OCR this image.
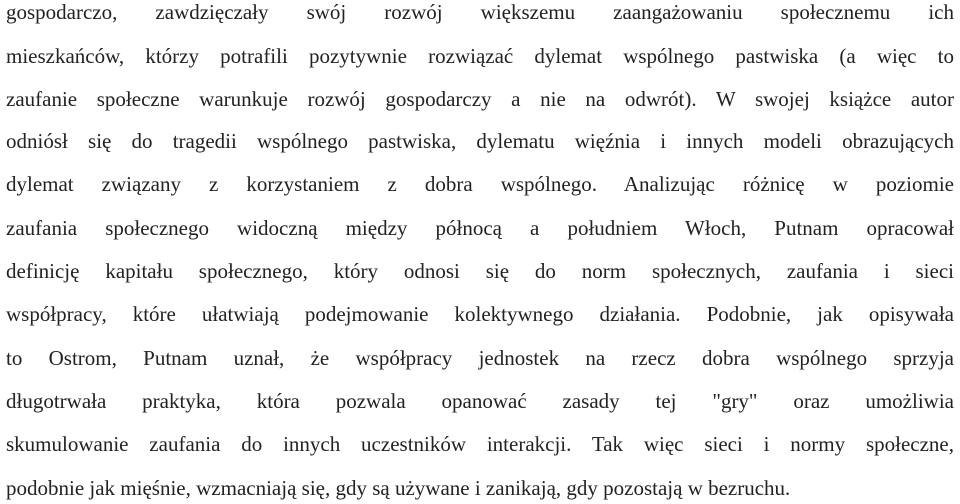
gospodarczo, zawdzięczały swój rozwój większemu zaangażowaniu społecznemu ich
mieszkańców, którzy potrafili pozytywnie rozwiązać dylemat wspólnego pastwiska (a więc to
zaufanie społeczne warunkuje rozwój gospodarczy a nie na odwrót). W swojej książce autor
odniósł się do tragedii wspólnego pastwiska, dylematu więźnia i innych modeli obrazujących
dylemat związany z korzystaniem z dobra wspólnego. Analizując różnicę w poziomie
zaufania społecznego widoczną między północą a południem Włoch, Putnam opracował
definicję kapitału społecznego, który odnosi się do norm społecznych, zaufania i sieci
współpracy, które ułatwiają podejmowanie kolektywnego działania. Podobnie, jak opisywała
to Ostrom, Putnam uznał, że współpracy jednostek na rzecz dobra wspólnego sprzyja
długotrwała praktyka, która pozwala opanować zasady tej "gry" oraz umożliwia
skumulowanie zaufania do innych uczestników interakcji. Tak więc sieci i normy społeczne,
podobnie jak mięśnie, wzmacniają się, gdy są używane i zanikają, gdy pozostają w bezruchu.
